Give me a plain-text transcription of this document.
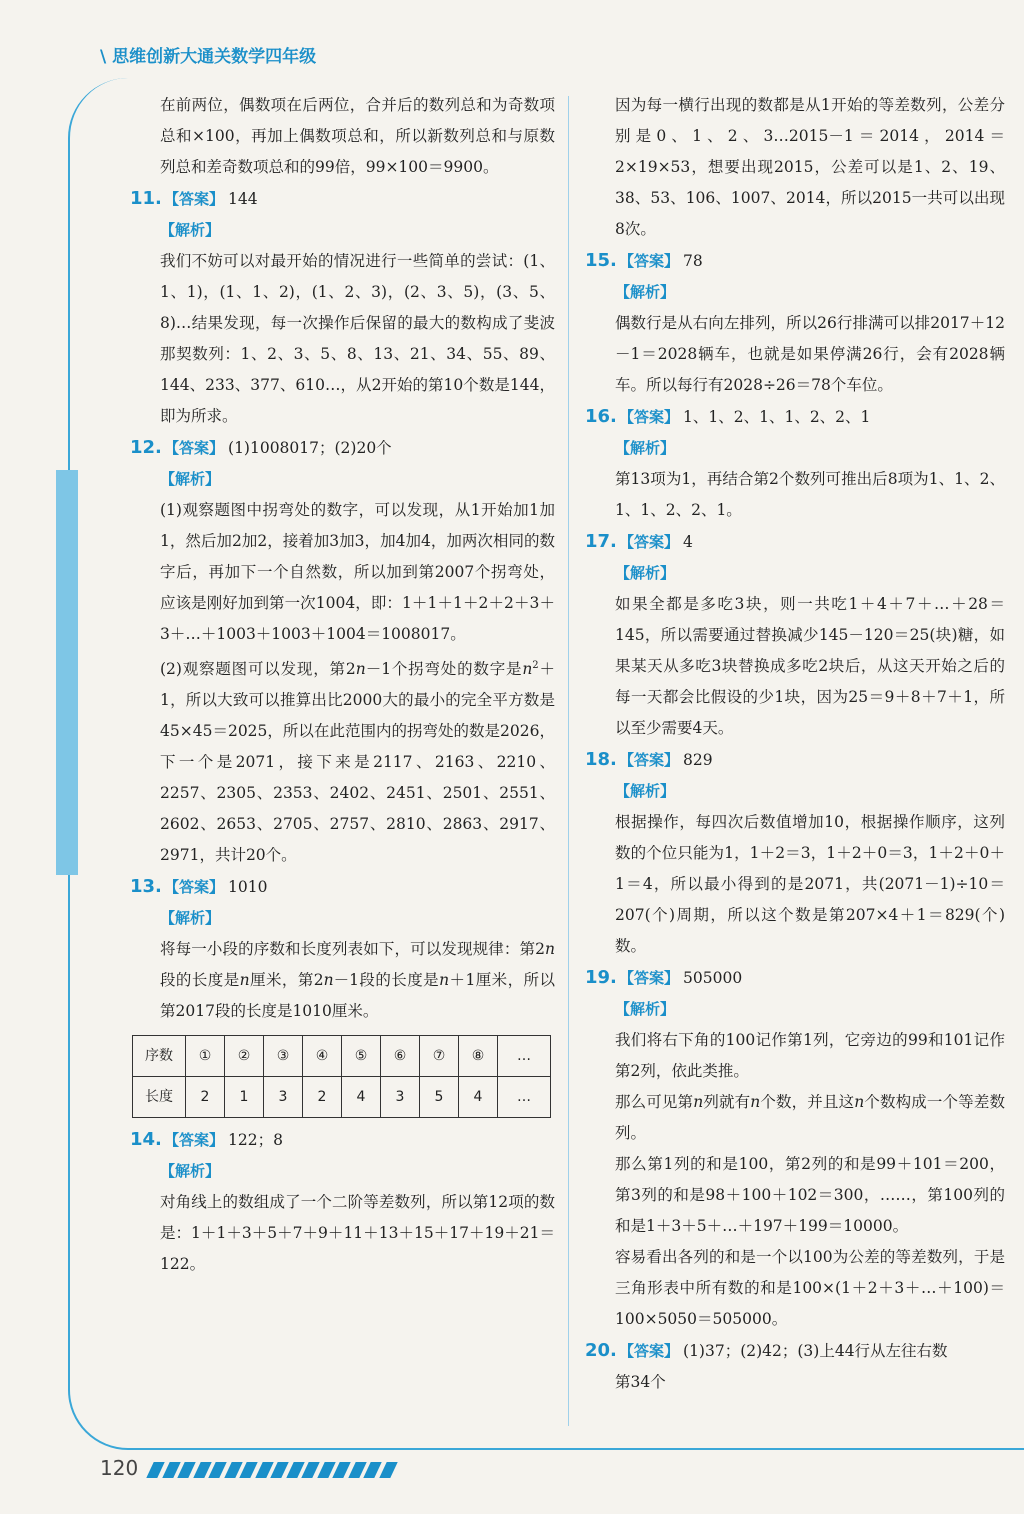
\ 思维创新大通关数学四年级

在前两位，偶数项在后两位，合并后的数列总和为奇数项总和×100，再加上偶数项总和，所以新数列总和与原数列总和差奇数项总和的99倍，99×100＝9900。

11. 【答案】 144
【解析】

我们不妨可以对最开始的情况进行一些简单的尝试：(1、1、1)，(1、1、2)，(1、2、3)，(2、3、5)，(3、5、8)…结果发现，每一次操作后保留的最大的数构成了斐波那契数列：1、2、3、5、8、13、21、34、55、89、144、233、377、610…，从2开始的第10个数是144，即为所求。

12. 【答案】 (1)1008017；(2)20个
【解析】

(1)观察题图中拐弯处的数字，可以发现，从1开始加1加1，然后加2加2，接着加3加3，加4加4，加两次相同的数字后，再加下一个自然数，所以加到第2007个拐弯处，应该是刚好加到第一次1004，即：1＋1＋1＋2＋2＋3＋3＋…＋1003＋1003＋1004＝1008017。

(2)观察题图可以发现，第2n－1个拐弯处的数字是$n^2+1$，所以大致可以推算出比2000大的最小的完全平方数是45×45＝2025，所以在此范围内的拐弯处的数是2026，下一个是2071，接下来是2117、2163、2210、2257、2305、2353、2402、2451、2501、2551、2602、2653、2705、2757、2810、2863、2917、2971，共计20个。

13. 【答案】 1010
【解析】

将每一小段的序数和长度列表如下，可以发现规律：第2n段的长度是n厘米，第2n－1段的长度是n＋1厘米，所以第2017段的长度是1010厘米。

序数	①	②	③	④	⑤	⑥	⑦	⑧	…
长度	2	1	3	2	4	3	5	4	…
14. 【答案】 122；8
【解析】

对角线上的数组成了一个二阶等差数列，所以第12项的数是：1＋1＋3＋5＋7＋9＋11＋13＋15＋17＋19＋21＝122。

因为每一横行出现的数都是从1开始的等差数列，公差分别是0、1、2、3…2015－1＝2014，2014＝2×19×53，想要出现2015，公差可以是1、2、19、38、53、106、1007、2014，所以2015一共可以出现8次。

15. 【答案】 78
【解析】

偶数行是从右向左排列，所以26行排满可以排2017＋12－1＝2028辆车，也就是如果停满26行，会有2028辆车。所以每行有2028÷26＝78个车位。

16. 【答案】 1、1、2、1、1、2、2、1
【解析】

第13项为1，再结合第2个数列可推出后8项为1、1、2、1、1、2、2、1。

17. 【答案】 4
【解析】

如果全都是多吃3块，则一共吃1＋4＋7＋…＋28＝145，所以需要通过替换减少145－120＝25(块)糖，如果某天从多吃3块替换成多吃2块后，从这天开始之后的每一天都会比假设的少1块，因为25＝9＋8＋7＋1，所以至少需要4天。

18. 【答案】 829
【解析】

根据操作，每四次后数值增加10，根据操作顺序，这列数的个位只能为1，1＋2＝3，1＋2＋0＝3，1＋2＋0＋1＝4，所以最小得到的是2071，共(2071－1)÷10＝207(个)周期，所以这个数是第207×4＋1＝829(个)数。

19. 【答案】 505000
【解析】

我们将右下角的100记作第1列，它旁边的99和101记作第2列，依此类推。

那么可见第n列就有n个数，并且这n个数构成一个等差数列。

那么第1列的和是100，第2列的和是99＋101＝200，第3列的和是98＋100＋102＝300，……，第100列的和是1＋3＋5＋…＋197＋199＝10000。

容易看出各列的和是一个以100为公差的等差数列，于是三角形表中所有数的和是100×(1＋2＋3＋…＋100)＝100×5050＝505000。

20. 【答案】 (1)37；(2)42；(3)上44行从左往右数
第34个
120
